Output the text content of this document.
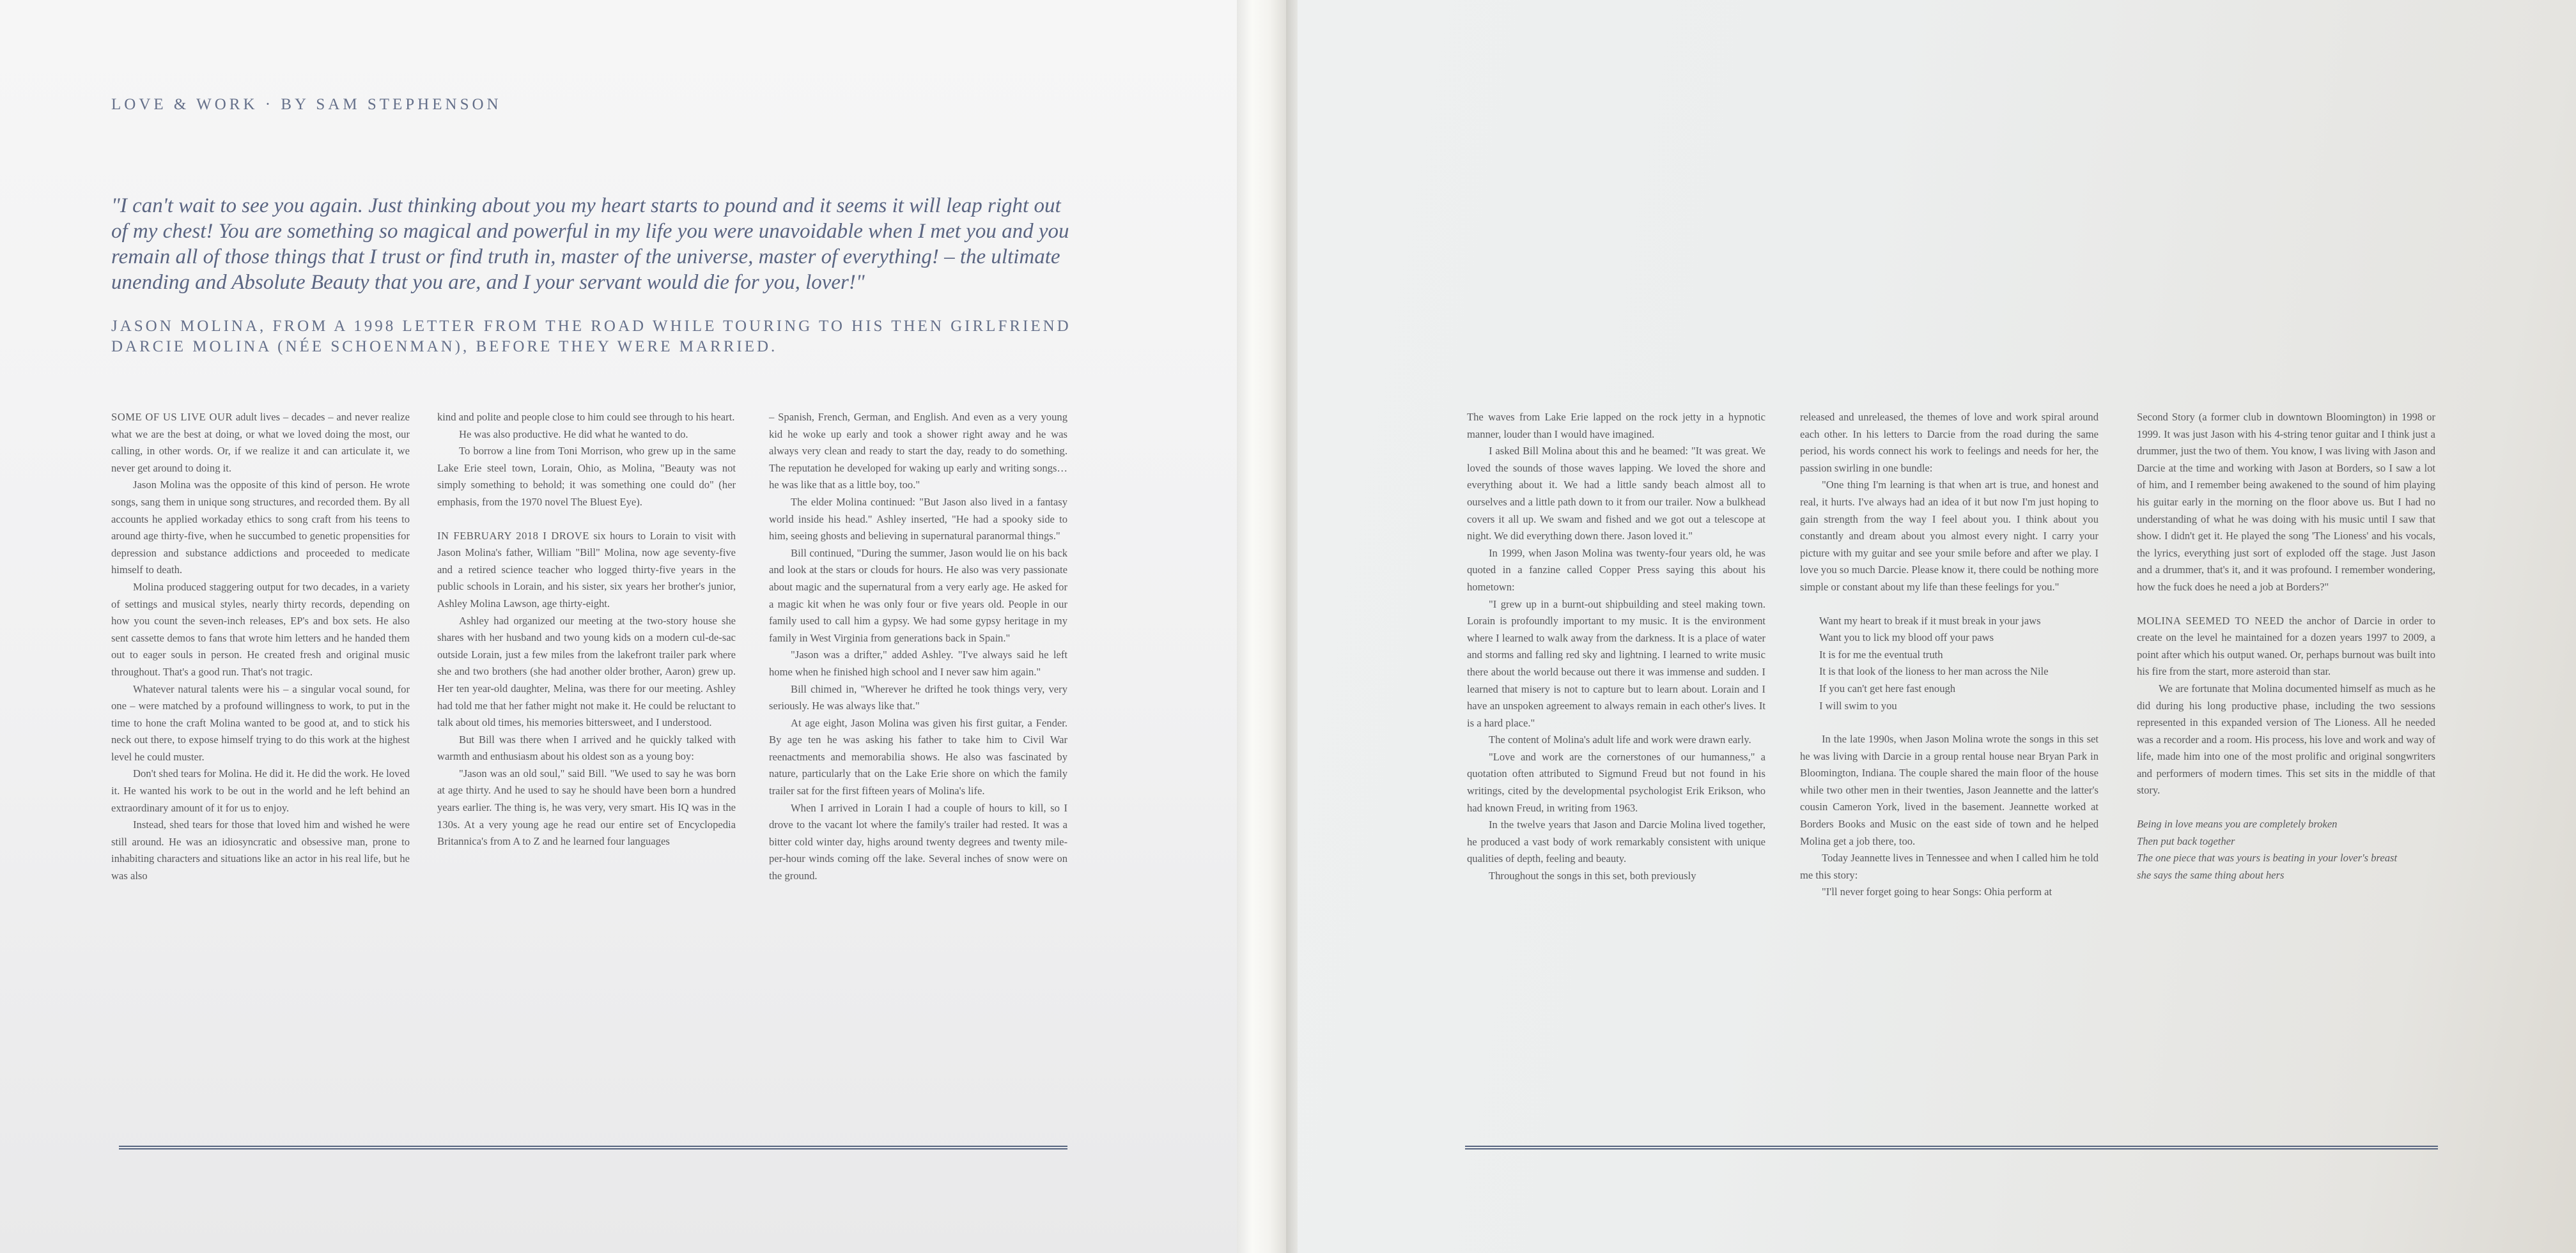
LOVE & WORK · BY SAM STEPHENSON

"I can't wait to see you again. Just thinking about you my heart starts to pound and it seems it will leap right out of my chest! You are something so magical and powerful in my life you were unavoidable when I met you and you remain all of those things that I trust or find truth in, master of the universe, master of everything! – the ultimate unending and Absolute Beauty that you are, and I your servant would die for you, lover!"

JASON MOLINA, FROM A 1998 LETTER FROM THE ROAD WHILE TOURING TO HIS THEN GIRLFRIEND DARCIE MOLINA (NÉE SCHOENMAN), BEFORE THEY WERE MARRIED.

SOME OF US LIVE OUR adult lives – decades – and never realize what we are the best at doing, or what we loved doing the most, our calling, in other words. Or, if we realize it and can articulate it, we never get around to doing it.

Jason Molina was the opposite of this kind of person. He wrote songs, sang them in unique song structures, and recorded them. By all accounts he applied workaday ethics to song craft from his teens to around age thirty-five, when he succumbed to genetic propensities for depression and substance addictions and proceeded to medicate himself to death.

Molina produced staggering output for two decades, in a variety of settings and musical styles, nearly thirty records, depending on how you count the seven-inch releases, EP's and box sets. He also sent cassette demos to fans that wrote him letters and he handed them out to eager souls in person. He created fresh and original music throughout. That's a good run. That's not tragic.

Whatever natural talents were his – a singular vocal sound, for one – were matched by a profound willingness to work, to put in the time to hone the craft Molina wanted to be good at, and to stick his neck out there, to expose himself trying to do this work at the highest level he could muster.

Don't shed tears for Molina. He did it. He did the work. He loved it. He wanted his work to be out in the world and he left behind an extraordinary amount of it for us to enjoy.

Instead, shed tears for those that loved him and wished he were still around. He was an idiosyncratic and obsessive man, prone to inhabiting characters and situations like an actor in his real life, but he was also

kind and polite and people close to him could see through to his heart.

He was also productive. He did what he wanted to do.

To borrow a line from Toni Morrison, who grew up in the same Lake Erie steel town, Lorain, Ohio, as Molina, "Beauty was not simply something to behold; it was something one could do" (her emphasis, from the 1970 novel The Bluest Eye).

IN FEBRUARY 2018 I DROVE six hours to Lorain to visit with Jason Molina's father, William "Bill" Molina, now age seventy-five and a retired science teacher who logged thirty-five years in the public schools in Lorain, and his sister, six years her brother's junior, Ashley Molina Lawson, age thirty-eight.

Ashley had organized our meeting at the two-story house she shares with her husband and two young kids on a modern cul-de-sac outside Lorain, just a few miles from the lakefront trailer park where she and two brothers (she had another older brother, Aaron) grew up. Her ten year-old daughter, Melina, was there for our meeting. Ashley had told me that her father might not make it. He could be reluctant to talk about old times, his memories bittersweet, and I understood.

But Bill was there when I arrived and he quickly talked with warmth and enthusiasm about his oldest son as a young boy:

"Jason was an old soul," said Bill. "We used to say he was born at age thirty. And he used to say he should have been born a hundred years earlier. The thing is, he was very, very smart. His IQ was in the 130s. At a very young age he read our entire set of Encyclopedia Britannica's from A to Z and he learned four languages

– Spanish, French, German, and English. And even as a very young kid he woke up early and took a shower right away and he was always very clean and ready to start the day, ready to do something. The reputation he developed for waking up early and writing songs…he was like that as a little boy, too."

The elder Molina continued: "But Jason also lived in a fantasy world inside his head." Ashley inserted, "He had a spooky side to him, seeing ghosts and believing in supernatural paranormal things."

Bill continued, "During the summer, Jason would lie on his back and look at the stars or clouds for hours. He also was very passionate about magic and the supernatural from a very early age. He asked for a magic kit when he was only four or five years old. People in our family used to call him a gypsy. We had some gypsy heritage in my family in West Virginia from generations back in Spain."

"Jason was a drifter," added Ashley. "I've always said he left home when he finished high school and I never saw him again."

Bill chimed in, "Wherever he drifted he took things very, very seriously. He was always like that."

At age eight, Jason Molina was given his first guitar, a Fender. By age ten he was asking his father to take him to Civil War reenactments and memorabilia shows. He also was fascinated by nature, particularly that on the Lake Erie shore on which the family trailer sat for the first fifteen years of Molina's life.

When I arrived in Lorain I had a couple of hours to kill, so I drove to the vacant lot where the family's trailer had rested. It was a bitter cold winter day, highs around twenty degrees and twenty mile-per-hour winds coming off the lake. Several inches of snow were on the ground.

The waves from Lake Erie lapped on the rock jetty in a hypnotic manner, louder than I would have imagined.

I asked Bill Molina about this and he beamed: "It was great. We loved the sounds of those waves lapping. We loved the shore and everything about it. We had a little sandy beach almost all to ourselves and a little path down to it from our trailer. Now a bulkhead covers it all up. We swam and fished and we got out a telescope at night. We did everything down there. Jason loved it."

In 1999, when Jason Molina was twenty-four years old, he was quoted in a fanzine called Copper Press saying this about his hometown:

"I grew up in a burnt-out shipbuilding and steel making town. Lorain is profoundly important to my music. It is the environment where I learned to walk away from the darkness. It is a place of water and storms and falling red sky and lightning. I learned to write music there about the world because out there it was immense and sudden. I learned that misery is not to capture but to learn about. Lorain and I have an unspoken agreement to always remain in each other's lives. It is a hard place."

The content of Molina's adult life and work were drawn early.

"Love and work are the cornerstones of our humanness," a quotation often attributed to Sigmund Freud but not found in his writings, cited by the developmental psychologist Erik Erikson, who had known Freud, in writing from 1963.

In the twelve years that Jason and Darcie Molina lived together, he produced a vast body of work remarkably consistent with unique qualities of depth, feeling and beauty.

Throughout the songs in this set, both previously

released and unreleased, the themes of love and work spiral around each other. In his letters to Darcie from the road during the same period, his words connect his work to feelings and needs for her, the passion swirling in one bundle:

"One thing I'm learning is that when art is true, and honest and real, it hurts. I've always had an idea of it but now I'm just hoping to gain strength from the way I feel about you. I think about you constantly and dream about you almost every night. I carry your picture with my guitar and see your smile before and after we play. I love you so much Darcie. Please know it, there could be nothing more simple or constant about my life than these feelings for you."

Want my heart to break if it must break in your jaws

Want you to lick my blood off your paws

It is for me the eventual truth

It is that look of the lioness to her man across the Nile

If you can't get here fast enough

I will swim to you

In the late 1990s, when Jason Molina wrote the songs in this set he was living with Darcie in a group rental house near Bryan Park in Bloomington, Indiana. The couple shared the main floor of the house while two other men in their twenties, Jason Jeannette and the latter's cousin Cameron York, lived in the basement. Jeannette worked at Borders Books and Music on the east side of town and he helped Molina get a job there, too.

Today Jeannette lives in Tennessee and when I called him he told me this story:

"I'll never forget going to hear Songs: Ohia perform at

Second Story (a former club in downtown Bloomington) in 1998 or 1999. It was just Jason with his 4-string tenor guitar and I think just a drummer, just the two of them. You know, I was living with Jason and Darcie at the time and working with Jason at Borders, so I saw a lot of him, and I remember being awakened to the sound of him playing his guitar early in the morning on the floor above us. But I had no understanding of what he was doing with his music until I saw that show. I didn't get it. He played the song 'The Lioness' and his vocals, the lyrics, everything just sort of exploded off the stage. Just Jason and a drummer, that's it, and it was profound. I remember wondering, how the fuck does he need a job at Borders?"

MOLINA SEEMED TO NEED the anchor of Darcie in order to create on the level he maintained for a dozen years 1997 to 2009, a point after which his output waned. Or, perhaps burnout was built into his fire from the start, more asteroid than star.

We are fortunate that Molina documented himself as much as he did during his long productive phase, including the two sessions represented in this expanded version of The Lioness. All he needed was a recorder and a room. His process, his love and work and way of life, made him into one of the most prolific and original songwriters and performers of modern times. This set sits in the middle of that story.

Being in love means you are completely broken

Then put back together

The one piece that was yours is beating in your lover's breast

she says the same thing about hers
